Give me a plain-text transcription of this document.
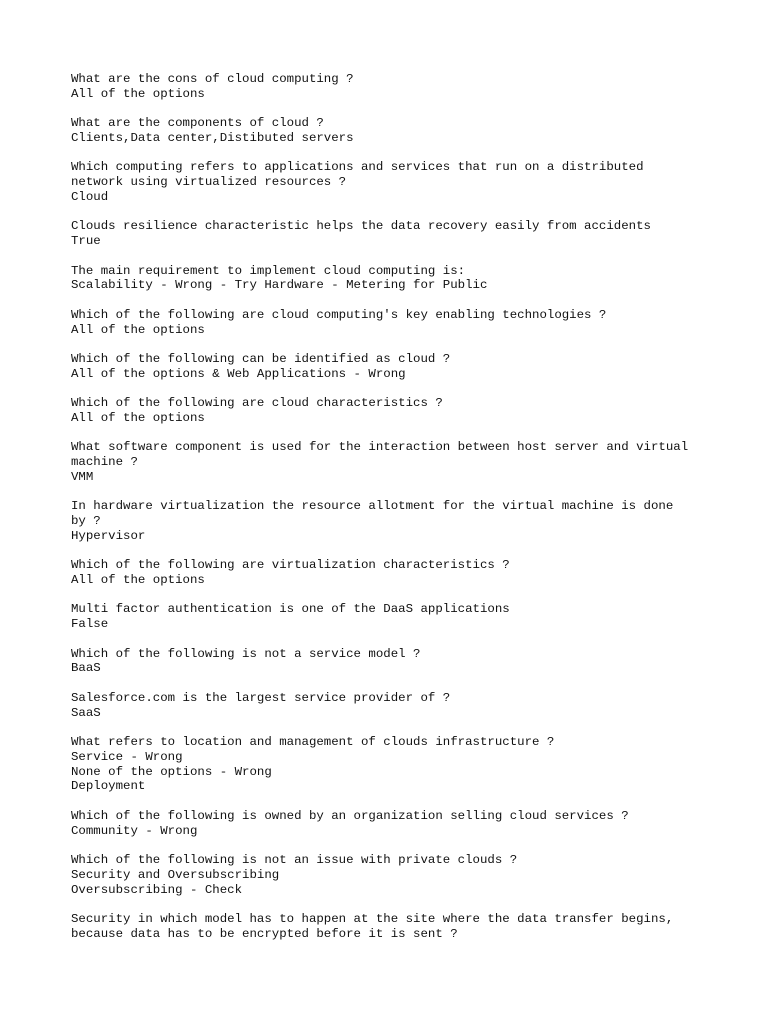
What are the cons of cloud computing ?
All of the options
What are the components of cloud ?
Clients,Data center,Distibuted servers
Which computing refers to applications and services that run on a distributed
network using virtualized resources ?
Cloud
Clouds resilience characteristic helps the data recovery easily from accidents
True
The main requirement to implement cloud computing is:
Scalability - Wrong - Try Hardware - Metering for Public
Which of the following are cloud computing's key enabling technologies ?
All of the options
Which of the following can be identified as cloud ?
All of the options & Web Applications - Wrong
Which of the following are cloud characteristics ?
All of the options
What software component is used for the interaction between host server and virtual
machine ?
VMM
In hardware virtualization the resource allotment for the virtual machine is done
by ?
Hypervisor
Which of the following are virtualization characteristics ?
All of the options
Multi factor authentication is one of the DaaS applications
False
Which of the following is not a service model ?
BaaS
Salesforce.com is the largest service provider of ?
SaaS
What refers to location and management of clouds infrastructure ?
Service - Wrong
None of the options - Wrong
Deployment
Which of the following is owned by an organization selling cloud services ?
Community - Wrong
Which of the following is not an issue with private clouds ?
Security and Oversubscribing
Oversubscribing - Check
Security in which model has to happen at the site where the data transfer begins,
because data has to be encrypted before it is sent ?
